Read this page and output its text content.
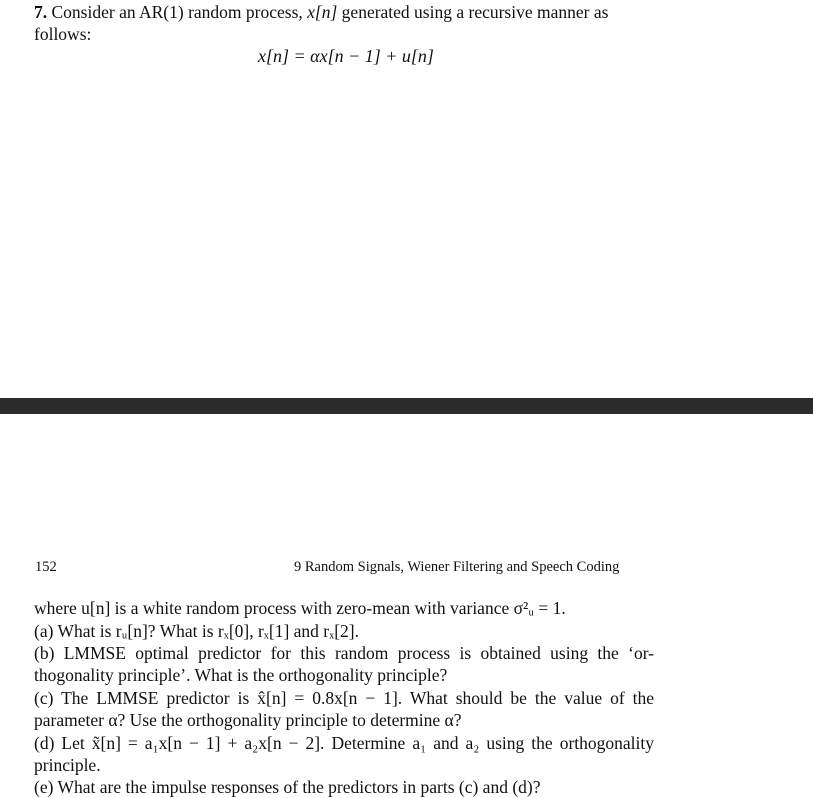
7. Consider an AR(1) random process, x[n] generated using a recursive manner as
follows:
x[n] = αx[n − 1] + u[n]
152	9 Random Signals, Wiener Filtering and Speech Coding
where u[n] is a white random process with zero-mean with variance σ²ᵤ = 1.
(a) What is rᵤ[n]? What is rₓ[0], rₓ[1] and rₓ[2].
(b) LMMSE optimal predictor for this random process is obtained using the ‘or-
thogonality principle’. What is the orthogonality principle?
(c) The LMMSE predictor is x̂[n] = 0.8x[n − 1]. What should be the value of the
parameter α? Use the orthogonality principle to determine α?
(d) Let x̃[n] = a₁x[n − 1] + a₂x[n − 2]. Determine a₁ and a₂ using the orthogonality
principle.
(e) What are the impulse responses of the predictors in parts (c) and (d)?
